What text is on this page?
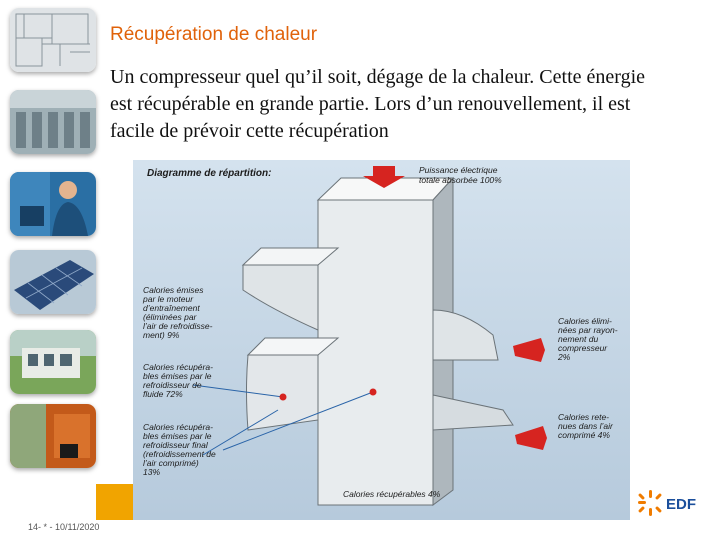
14- * - 10/11/2020
Récupération de chaleur
Un compresseur quel qu’il soit, dégage de la chaleur. Cette énergie est récupérable en grande partie. Lors d’un renouvellement, il est facile de prévoir cette récupération
Diagramme de répartition:	Puissance électrique
totale absorbée 100%
Calories émises
par le moteur
d’entraînement
(éliminées par
l’air de refroidisse-
ment) 9%
Calories récupéra-
bles émises par le
refroidisseur de
fluide 72%
Calories récupéra-
bles émises par le
refroidisseur final
(refroidissement de
l’air comprimé)
13%
Calories élimi-
nées par rayon-
nement du
compresseur
2%
Calories rete-
nues dans l’air
comprimé 4%
Calories récupérables 4%
EDF
